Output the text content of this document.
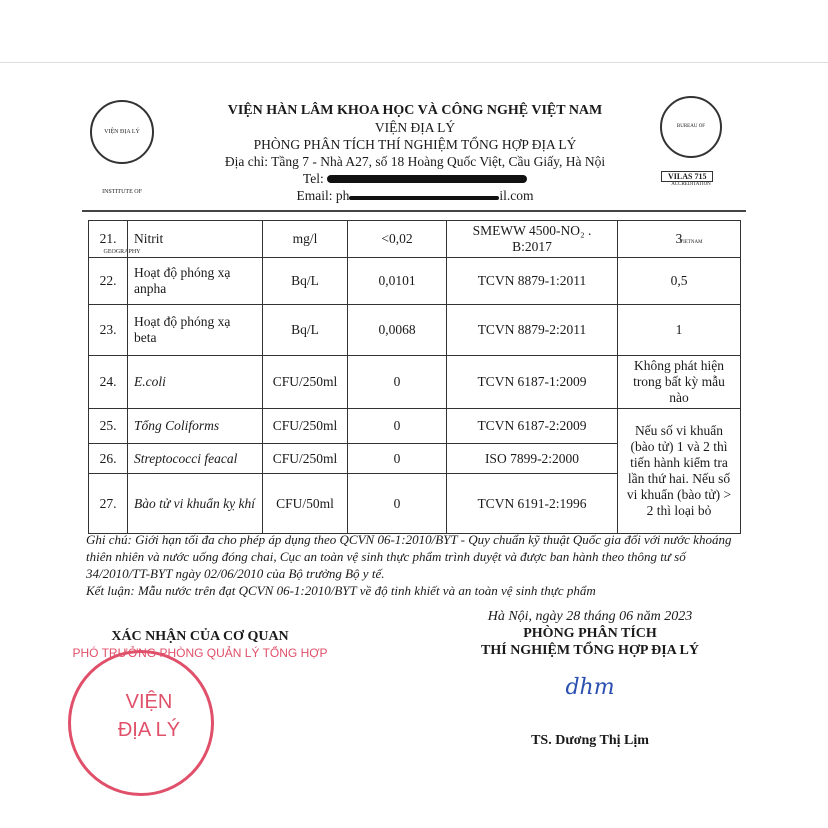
VIỆN ĐỊA LÝ INSTITUTE OF GEOGRAPHY
BUREAU OF ACCREDITATION VIETNAM
VILAS 715
VIỆN HÀN LÂM KHOA HỌC VÀ CÔNG NGHỆ VIỆT NAM
VIỆN ĐỊA LÝ
PHÒNG PHÂN TÍCH THÍ NGHIỆM TỔNG HỢP ĐỊA LÝ
Địa chỉ: Tầng 7 - Nhà A27, số 18 Hoàng Quốc Việt, Cầu Giấy, Hà Nội
Tel:
Email: ph	il.com
21.	Nitrit	mg/l	<0,02	SMEWW 4500-NO₂ . B:2017	3
22.	Hoạt độ phóng xạ anpha	Bq/L	0,0101	TCVN 8879-1:2011	0,5
23.	Hoạt độ phóng xạ beta	Bq/L	0,0068	TCVN 8879-2:2011	1
24.	E.coli	CFU/250ml	0	TCVN 6187-1:2009	Không phát hiện trong bất kỳ mẫu nào
25.	Tổng Coliforms	CFU/250ml	0	TCVN 6187-2:2009	Nếu số vi khuẩn (bào tử) 1 và 2 thì tiến hành kiểm tra lần thứ hai. Nếu số vi khuẩn (bào tử) > 2 thì loại bỏ
26.	Streptococci feacal	CFU/250ml	0	ISO 7899-2:2000	
27.	Bào tử vi khuẩn kỵ khí	CFU/50ml	0	TCVN 6191-2:1996	
Ghi chú: Giới hạn tối đa cho phép áp dụng theo QCVN 06-1:2010/BYT - Quy chuẩn kỹ thuật Quốc gia đối với nước khoáng thiên nhiên và nước uống đóng chai, Cục an toàn vệ sinh thực phẩm trình duyệt và được ban hành theo thông tư số 34/2010/TT-BYT ngày 02/06/2010 của Bộ trưởng Bộ y tế.
Kết luận: Mẫu nước trên đạt QCVN 06-1:2010/BYT về độ tinh khiết và an toàn vệ sinh thực phẩm
Hà Nội, ngày 28 tháng 06 năm 2023
PHÒNG PHÂN TÍCH
THÍ NGHIỆM TỔNG HỢP ĐỊA LÝ
dhm
TS. Dương Thị Lịm
XÁC NHẬN CỦA CƠ QUAN
PHÓ TRƯỞNG PHÒNG QUẢN LÝ TỔNG HỢP
VIỆN ĐỊA LÝ
